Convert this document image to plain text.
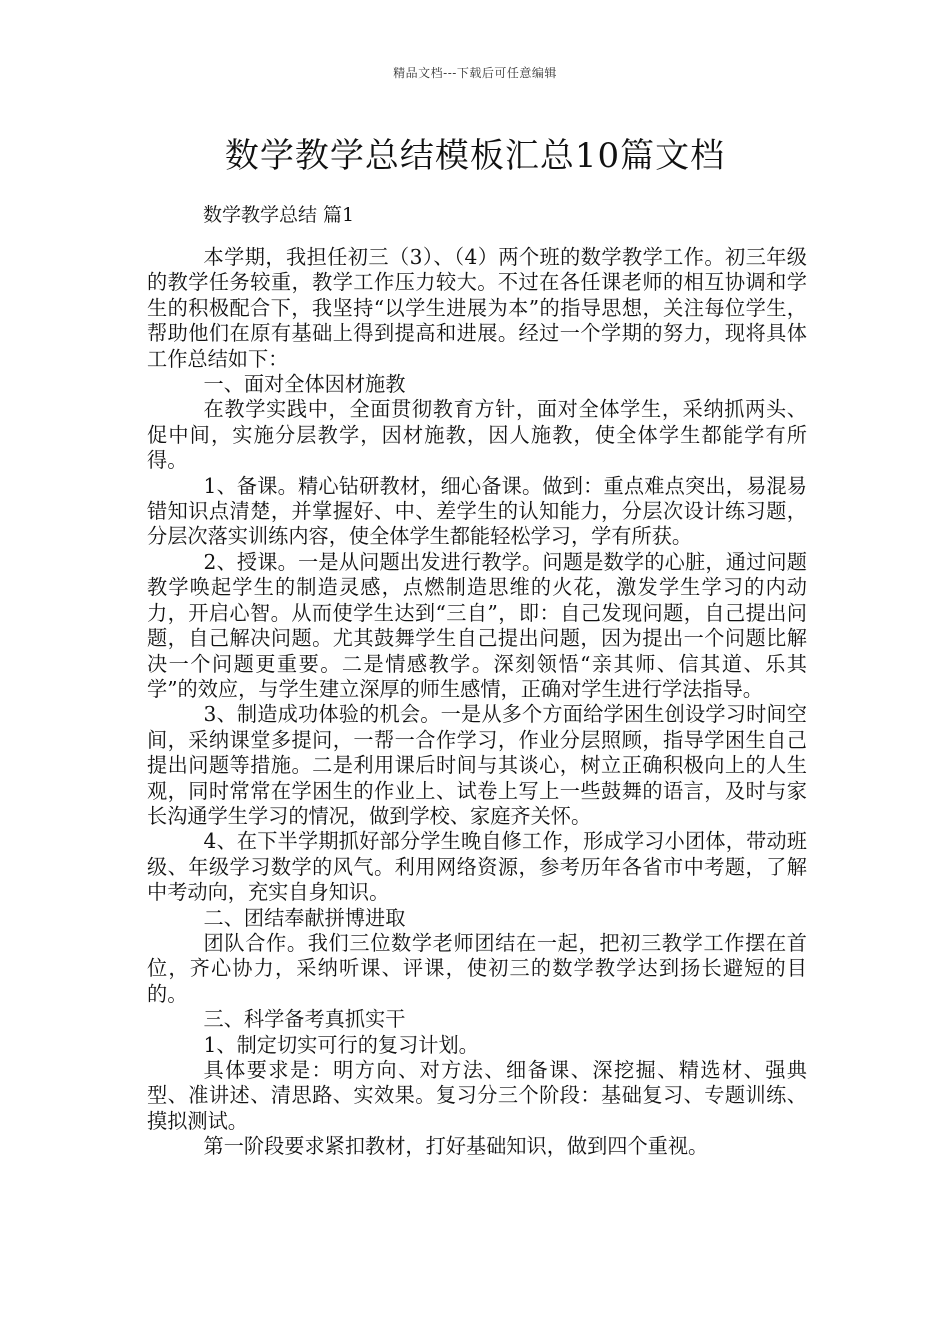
精品文档---下载后可任意编辑
数学教学总结模板汇总10篇文档
数学教学总结 篇1

本学期，我担任初三（3）、（4）两个班的数学教学工作。初三年级的教学任务较重，教学工作压力较大。不过在各任课老师的相互协调和学生的积极配合下，我坚持“以学生进展为本”的指导思想，关注每位学生，帮助他们在原有基础上得到提高和进展。经过一个学期的努力，现将具体工作总结如下：

一、面对全体因材施教

在教学实践中，全面贯彻教育方针，面对全体学生，采纳抓两头、促中间，实施分层教学，因材施教，因人施教，使全体学生都能学有所得。

1、备课。精心钻研教材，细心备课。做到：重点难点突出，易混易错知识点清楚，并掌握好、中、差学生的认知能力，分层次设计练习题，分层次落实训练内容，使全体学生都能轻松学习，学有所获。

2、授课。一是从问题出发进行教学。问题是数学的心脏，通过问题教学唤起学生的制造灵感，点燃制造思维的火花，激发学生学习的内动力，开启心智。从而使学生达到“三自”，即：自己发现问题，自己提出问题，自己解决问题。尤其鼓舞学生自己提出问题，因为提出一个问题比解决一个问题更重要。二是情感教学。深刻领悟“亲其师、信其道、乐其学”的效应，与学生建立深厚的师生感情，正确对学生进行学法指导。

3、制造成功体验的机会。一是从多个方面给学困生创设学习时间空间，采纳课堂多提问，一帮一合作学习，作业分层照顾，指导学困生自己提出问题等措施。二是利用课后时间与其谈心，树立正确积极向上的人生观，同时常常在学困生的作业上、试卷上写上一些鼓舞的语言，及时与家长沟通学生学习的情况，做到学校、家庭齐关怀。

4、在下半学期抓好部分学生晚自修工作，形成学习小团体，带动班级、年级学习数学的风气。利用网络资源，参考历年各省市中考题，了解中考动向，充实自身知识。

二、团结奉献拼博进取

团队合作。我们三位数学老师团结在一起，把初三教学工作摆在首位，齐心协力，采纳听课、评课，使初三的数学教学达到扬长避短的目的。

三、科学备考真抓实干

1、制定切实可行的复习计划。

具体要求是：明方向、对方法、细备课、深挖掘、精选材、强典型、准讲述、清思路、实效果。复习分三个阶段：基础复习、专题训练、摸拟测试。

第一阶段要求紧扣教材，打好基础知识，做到四个重视。
